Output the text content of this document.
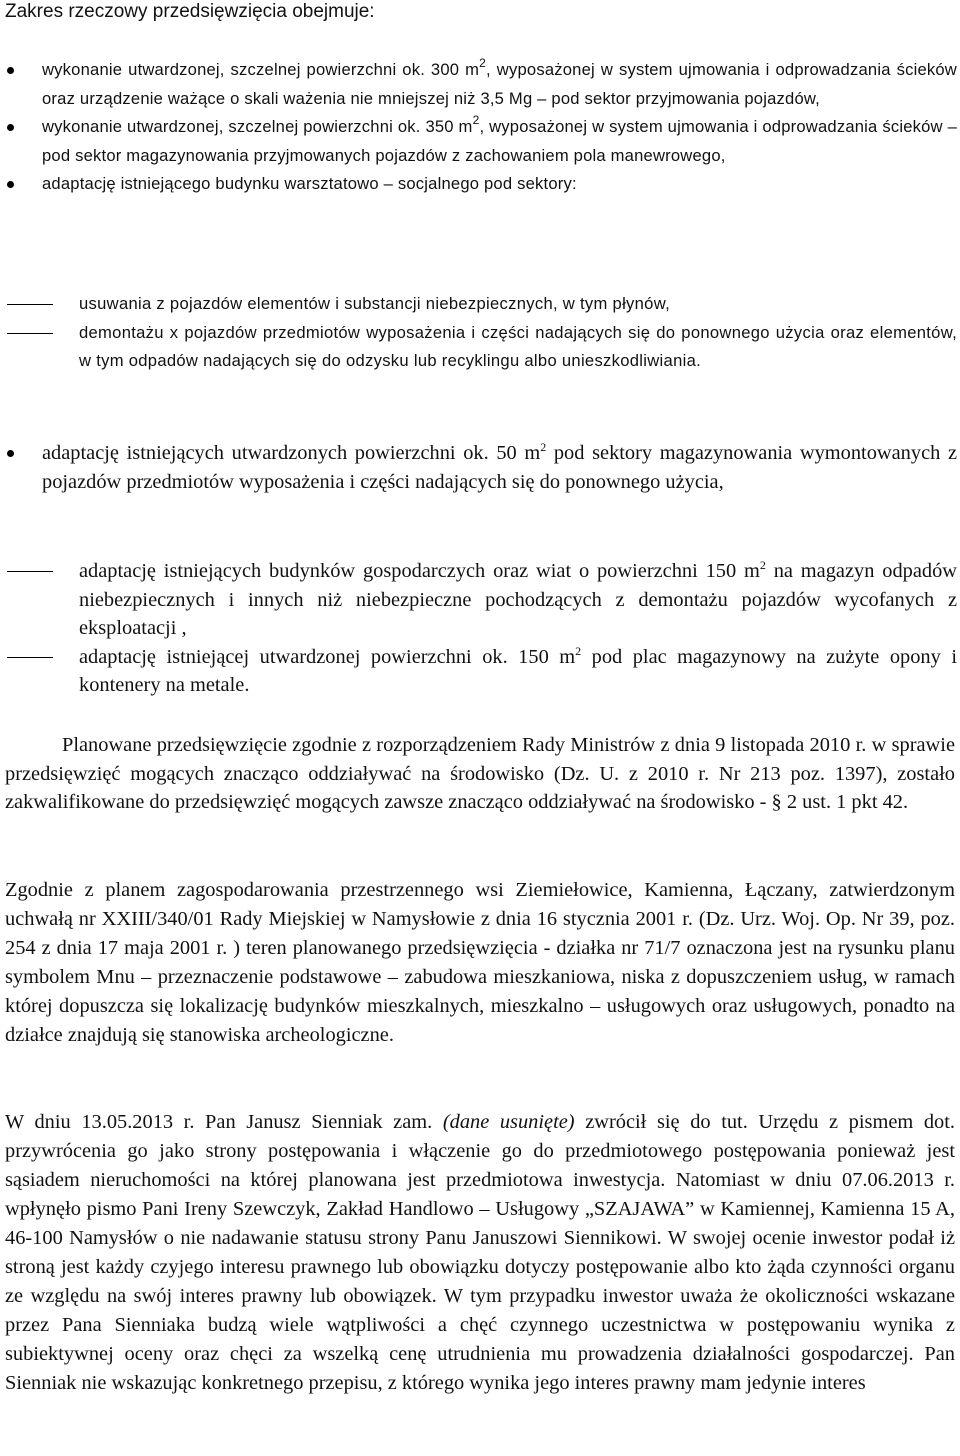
Zakres rzeczowy przedsięwzięcia obejmuje:
wykonanie utwardzonej, szczelnej powierzchni ok. 300 $m^2$, wyposażonej w system ujmowania i odprowadzania ścieków oraz urządzenie ważące o skali ważenia nie mniejszej niż 3,5 Mg – pod sektor przyjmowania pojazdów,
wykonanie utwardzonej, szczelnej powierzchni ok. 350 $m^2$, wyposażonej w system ujmowania i odprowadzania ścieków – pod sektor magazynowania przyjmowanych pojazdów z zachowaniem pola manewrowego,
adaptację istniejącego budynku warsztatowo – socjalnego pod sektory:
usuwania z pojazdów elementów i substancji niebezpiecznych, w tym płynów,
demontażu x pojazdów przedmiotów wyposażenia i części nadających się do ponownego użycia oraz elementów, w tym odpadów nadających się do odzysku lub recyklingu albo unieszkodliwiania.
adaptację istniejących utwardzonych powierzchni ok. 50 $m^2$ pod sektory magazynowania wymontowanych z pojazdów przedmiotów wyposażenia i części nadających się do ponownego użycia,
adaptację istniejących budynków gospodarczych oraz wiat o powierzchni 150 $m^2$ na magazyn odpadów niebezpiecznych i innych niż niebezpieczne pochodzących z demontażu pojazdów wycofanych z eksploatacji ,
adaptację istniejącej utwardzonej powierzchni ok. 150 $m^2$ pod plac magazynowy na zużyte opony i kontenery na metale.

Planowane przedsięwzięcie zgodnie z rozporządzeniem Rady Ministrów z dnia 9 listopada 2010 r. w sprawie przedsięwzięć mogących znacząco oddziaływać na środowisko (Dz. U. z 2010 r. Nr 213 poz. 1397), zostało zakwalifikowane do przedsięwzięć mogących zawsze znacząco oddziaływać na środowisko - § 2 ust. 1 pkt 42.

Zgodnie z planem zagospodarowania przestrzennego wsi Ziemiełowice, Kamienna, Łączany, zatwierdzonym uchwałą nr XXIII/340/01 Rady Miejskiej w Namysłowie z dnia 16 stycznia 2001 r. (Dz. Urz. Woj. Op. Nr 39, poz. 254 z dnia 17 maja 2001 r. ) teren planowanego przedsięwzięcia - działka nr 71/7 oznaczona jest na rysunku planu symbolem Mnu – przeznaczenie podstawowe – zabudowa mieszkaniowa, niska z dopuszczeniem usług, w ramach której dopuszcza się lokalizację budynków mieszkalnych, mieszkalno – usługowych oraz usługowych, ponadto na działce znajdują się stanowiska archeologiczne.

W dniu 13.05.2013 r. Pan Janusz Sienniak zam. (dane usunięte) zwrócił się do tut. Urzędu z pismem dot. przywrócenia go jako strony postępowania i włączenie go do przedmiotowego postępowania ponieważ jest sąsiadem nieruchomości na której planowana jest przedmiotowa inwestycja. Natomiast w dniu 07.06.2013 r. wpłynęło pismo Pani Ireny Szewczyk, Zakład Handlowo – Usługowy „SZAJAWA” w Kamiennej, Kamienna 15 A, 46-100 Namysłów o nie nadawanie statusu strony Panu Januszowi Siennikowi. W swojej ocenie inwestor podał iż stroną jest każdy czyjego interesu prawnego lub obowiązku dotyczy postępowanie albo kto żąda czynności organu ze względu na swój interes prawny lub obowiązek. W tym przypadku inwestor uważa że okoliczności wskazane przez Pana Sienniaka budzą wiele wątpliwości a chęć czynnego uczestnictwa w postępowaniu wynika z subiektywnej oceny oraz chęci za wszelką cenę utrudnienia mu prowadzenia działalności gospodarczej. Pan Sienniak nie wskazując konkretnego przepisu, z którego wynika jego interes prawny mam jedynie interes
